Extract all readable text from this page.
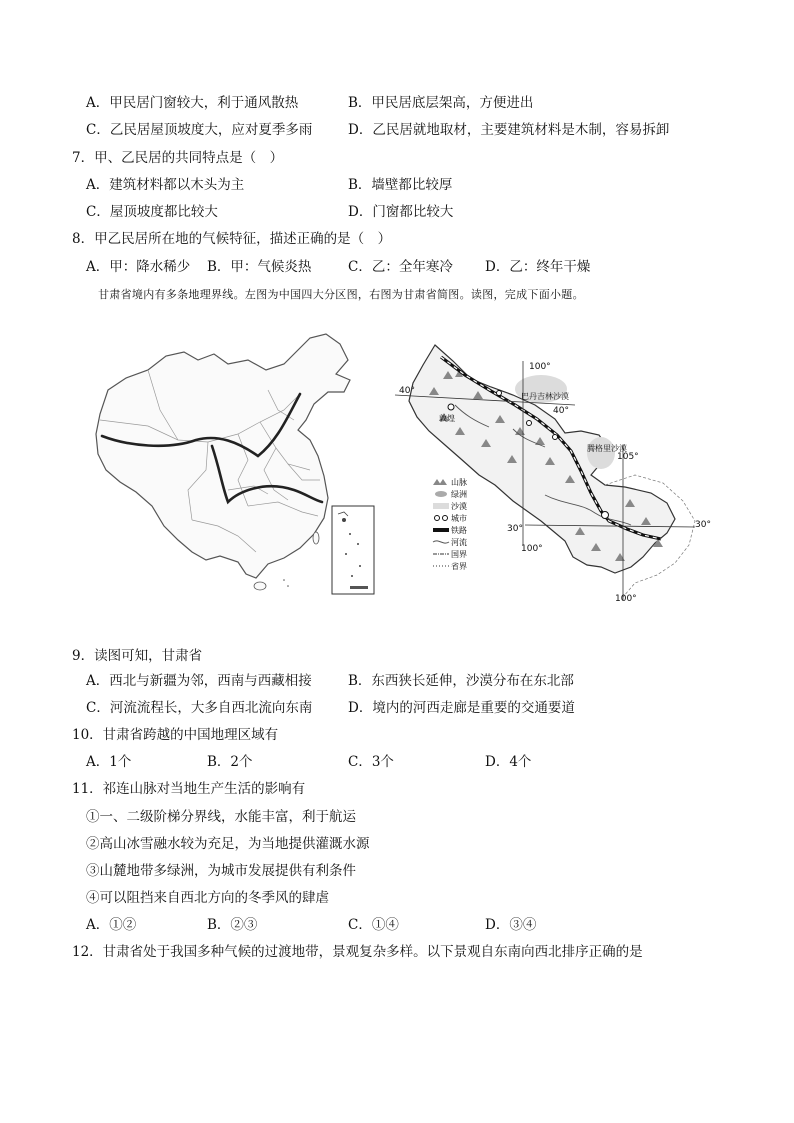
A．甲民居门窗较大，利于通风散热	B．甲民居底层架高，方便进出
C．乙民居屋顶坡度大，应对夏季多雨	D．乙民居就地取材，主要建筑材料是木制，容易拆卸
7．甲、乙民居的共同特点是（　）
A．建筑材料都以木头为主	B．墙壁都比较厚
C．屋顶坡度都比较大	D．门窗都比较大
8．甲乙民居所在地的气候特征，描述正确的是（　）
A．甲：降水稀少 B．甲：气候炎热	C．乙：全年寒冷 D．乙：终年干燥
甘肃省境内有多条地理界线。左图为中国四大分区图，右图为甘肃省简图。读图，完成下面小题。
40°
40°
100°
105°
30°	30°
100°
100°
巴丹吉林沙漠
腾格里沙漠
敦煌
山脉
绿洲
沙漠
城市
铁路
河流
国界
省界
9．读图可知，甘肃省
A．西北与新疆为邻，西南与西藏相接	B．东西狭长延伸，沙漠分布在东北部
C．河流流程长，大多自西北流向东南	D．境内的河西走廊是重要的交通要道
10．甘肃省跨越的中国地理区域有
A．1个	B．2个	C．3个	D．4个
11．祁连山脉对当地生产生活的影响有
①一、二级阶梯分界线，水能丰富，利于航运
②高山冰雪融水较为充足，为当地提供灌溉水源
③山麓地带多绿洲，为城市发展提供有利条件
④可以阻挡来自西北方向的冬季风的肆虐
A．①②	B．②③	C．①④	D．③④
12．甘肃省处于我国多种气候的过渡地带，景观复杂多样。以下景观自东南向西北排序正确的是
